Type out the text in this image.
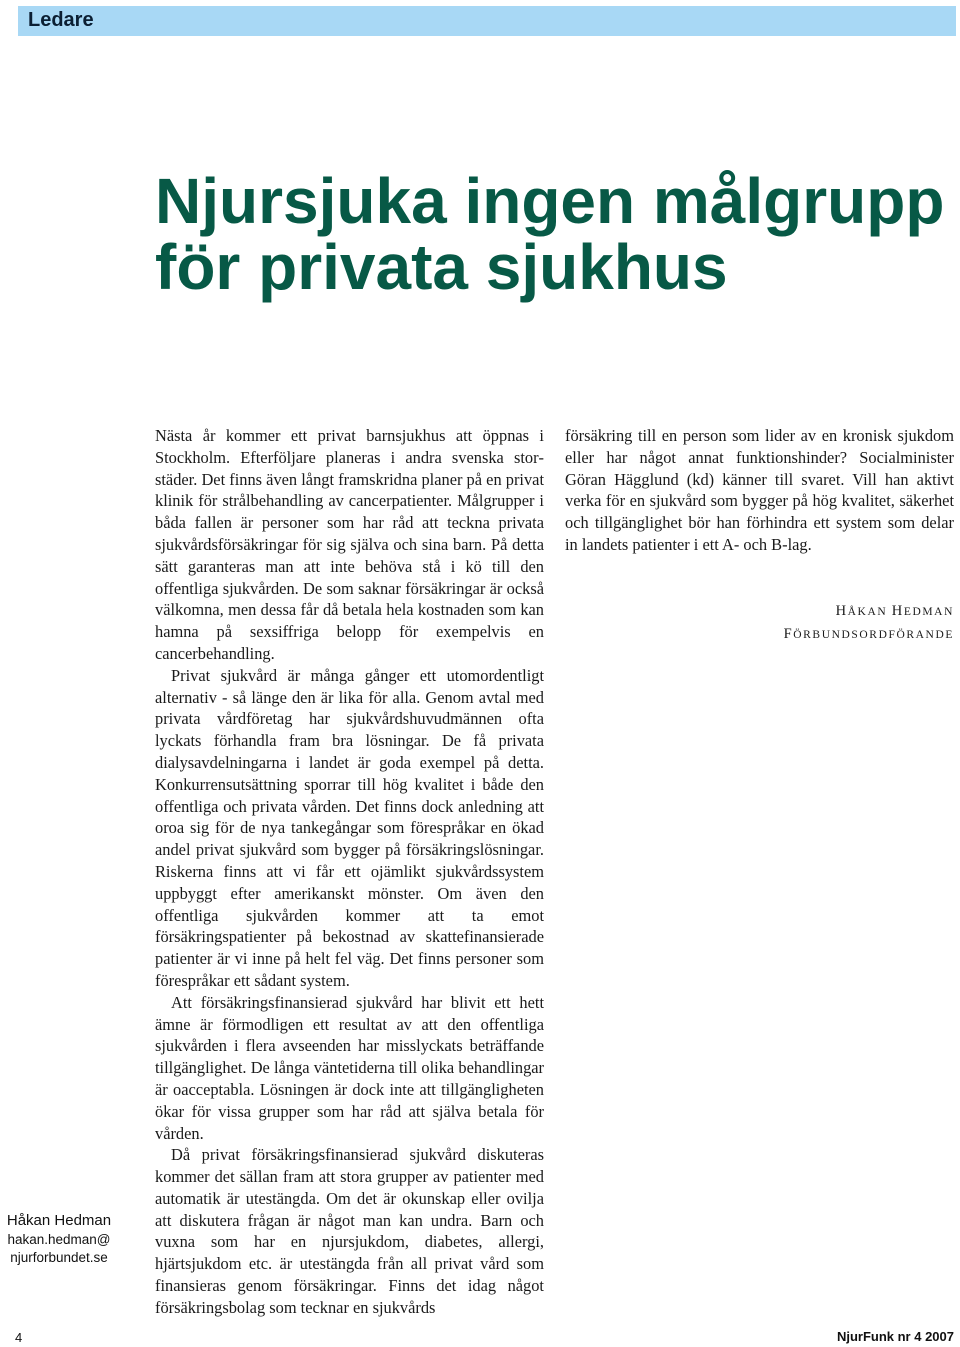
Ledare
Njursjuka ingen målgrupp
för privata sjukhus

Nästa år kommer ett privat barnsjukhus att öppnas i Stockholm. Efterföljare planeras i andra svenska storstäder. Det finns även långt framskridna planer på en privat klinik för strålbehandling av cancerpatienter. Målgrupper i båda fallen är personer som har råd att teckna privata sjukvårdsförsäkringar för sig själva och sina barn. På detta sätt garanteras man att inte behöva stå i kö till den offentliga sjukvården. De som saknar försäkringar är också välkomna, men dessa får då betala hela kostnaden som kan hamna på sexsiffriga belopp för exempelvis en cancerbehandling.

Privat sjukvård är många gånger ett utomordentligt alternativ - så länge den är lika för alla. Genom avtal med privata vårdföretag har sjukvårdshuvudmännen ofta lyckats förhandla fram bra lösningar. De få privata dialysavdelningarna i landet är goda exempel på detta. Konkurrensutsättning sporrar till hög kvalitet i både den offentliga och privata vården. Det finns dock anledning att oroa sig för de nya tankegångar som förespråkar en ökad andel privat sjukvård som bygger på försäkringslösningar. Riskerna finns att vi får ett ojämlikt sjukvårdssystem uppbyggt efter amerikanskt mönster. Om även den offentliga sjukvården kommer att ta emot försäkringspatienter på bekostnad av skattefinansierade patienter är vi inne på helt fel väg. Det finns personer som förespråkar ett sådant system.

Att försäkringsfinansierad sjukvård har blivit ett hett ämne är förmodligen ett resultat av att den offentliga sjukvården i flera avseenden har misslyckats beträffande tillgänglighet. De långa väntetiderna till olika behandlingar är oacceptabla. Lösningen är dock inte att tillgängligheten ökar för vissa grupper som har råd att själva betala för vården.

Då privat försäkringsfinansierad sjukvård diskuteras kommer det sällan fram att stora grupper av patienter med automatik är utestängda. Om det är okunskap eller ovilja att diskutera frågan är något man kan undra. Barn och vuxna som har en njursjukdom, diabetes, allergi, hjärtsjukdom etc. är utestängda från all privat vård som finansieras genom försäkringar. Finns det idag något försäkringsbolag som tecknar en sjukvårds

försäkring till en person som lider av en kronisk sjukdom eller har något annat funktionshinder? Socialminister Göran Hägglund (kd) känner till svaret. Vill han aktivt verka för en sjukvård som bygger på hög kvalitet, säkerhet och tillgänglighet bör han förhindra ett system som delar in landets patienter i ett A- och B-lag.

HÅKAN HEDMAN
FÖRBUNDSORDFÖRANDE
Håkan Hedman
hakan.hedman@
njurforbundet.se
4	NjurFunk nr 4 2007
